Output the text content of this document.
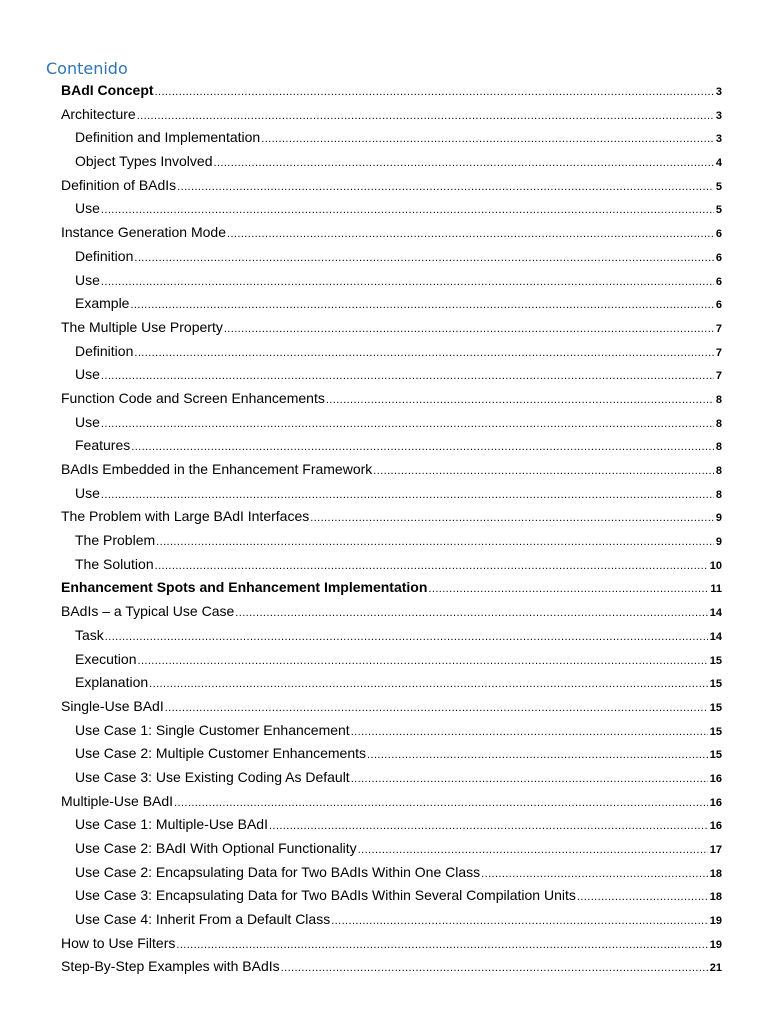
Contenido
BAdI Concept .....	3
Architecture .....	3
Definition and Implementation .....	3
Object Types Involved .....	4
Definition of BAdIs .....	5
Use .....	5
Instance Generation Mode .....	6
Definition .....	6
Use .....	6
Example .....	6
The Multiple Use Property .....	7
Definition .....	7
Use .....	7
Function Code and Screen Enhancements .....	8
Use .....	8
Features .....	8
BAdIs Embedded in the Enhancement Framework .....	8
Use .....	8
The Problem with Large BAdI Interfaces .....	9
The Problem .....	9
The Solution .....	10
Enhancement Spots and Enhancement Implementation .....	11
BAdIs – a Typical Use Case .....	14
Task .....	14
Execution .....	15
Explanation .....	15
Single-Use BAdI .....	15
Use Case 1: Single Customer Enhancement .....	15
Use Case 2: Multiple Customer Enhancements .....	15
Use Case 3: Use Existing Coding As Default .....	16
Multiple-Use BAdI .....	16
Use Case 1: Multiple-Use BAdI .....	16
Use Case 2: BAdI With Optional Functionality .....	17
Use Case 2: Encapsulating Data for Two BAdIs Within One Class .....	18
Use Case 3: Encapsulating Data for Two BAdIs Within Several Compilation Units .....	18
Use Case 4: Inherit From a Default Class .....	19
How to Use Filters .....	19
Step-By-Step Examples with BAdIs .....	21
